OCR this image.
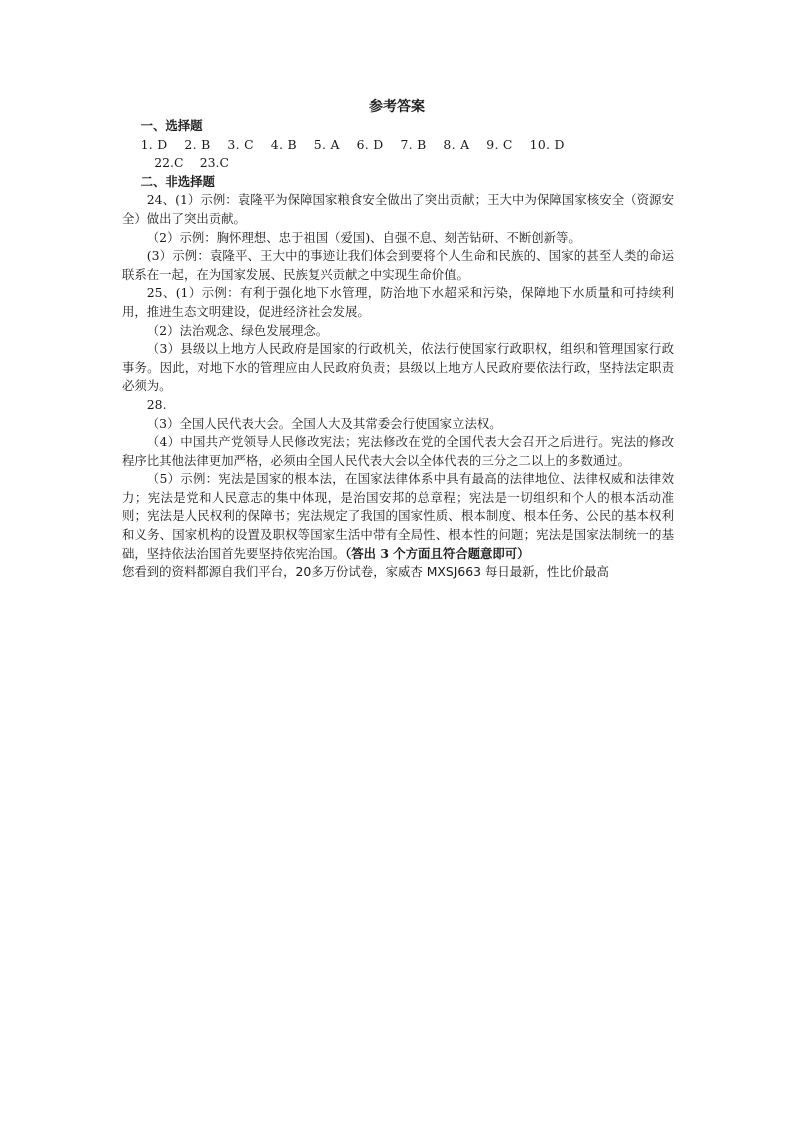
参考答案

一、选择题

1. D　 2. B　 3. C　 4. B　 5. A　 6. D　 7. B　 8. A　 9. C　 10. D

22.C　 23.C

二、非选择题

24、(1）示例：袁隆平为保障国家粮食安全做出了突出贡献；王大中为保障国家核安全（资源安全）做出了突出贡献。

（2）示例：胸怀理想、忠于祖国（爱国)、自强不息、刻苦钻研、不断创新等。

(3）示例：袁隆平、王大中的事迹让我们体会到要将个人生命和民族的、国家的甚至人类的命运联系在一起，在为国家发展、民族复兴贡献之中实现生命价值。

25、(1）示例：有利于强化地下水管理，防治地下水超采和污染，保障地下水质量和可持续利用，推进生态文明建设，促进经济社会发展。

（2）法治观念、绿色发展理念。

（3）县级以上地方人民政府是国家的行政机关，依法行使国家行政职权，组织和管理国家行政事务。因此，对地下水的管理应由人民政府负责；县级以上地方人民政府要依法行政，坚持法定职责必须为。

28.

（3）全国人民代表大会。全国人大及其常委会行使国家立法权。

（4）中国共产党领导人民修改宪法；宪法修改在党的全国代表大会召开之后进行。宪法的修改程序比其他法律更加严格，必须由全国人民代表大会以全体代表的三分之二以上的多数通过。

（5）示例：宪法是国家的根本法，在国家法律体系中具有最高的法律地位、法律权威和法律效力；宪法是党和人民意志的集中体现，是治国安邦的总章程；宪法是一切组织和个人的根本活动准则；宪法是人民权利的保障书；宪法规定了我国的国家性质、根本制度、根本任务、公民的基本权利和义务、国家机构的设置及职权等国家生活中带有全局性、根本性的问题；宪法是国家法制统一的基础，坚持依法治国首先要坚持依宪治国。（答出 3 个方面且符合题意即可）

您看到的资料都源自我们平台，20多万份试卷，家威杏 MXSJ663 每日最新，性比价最高
